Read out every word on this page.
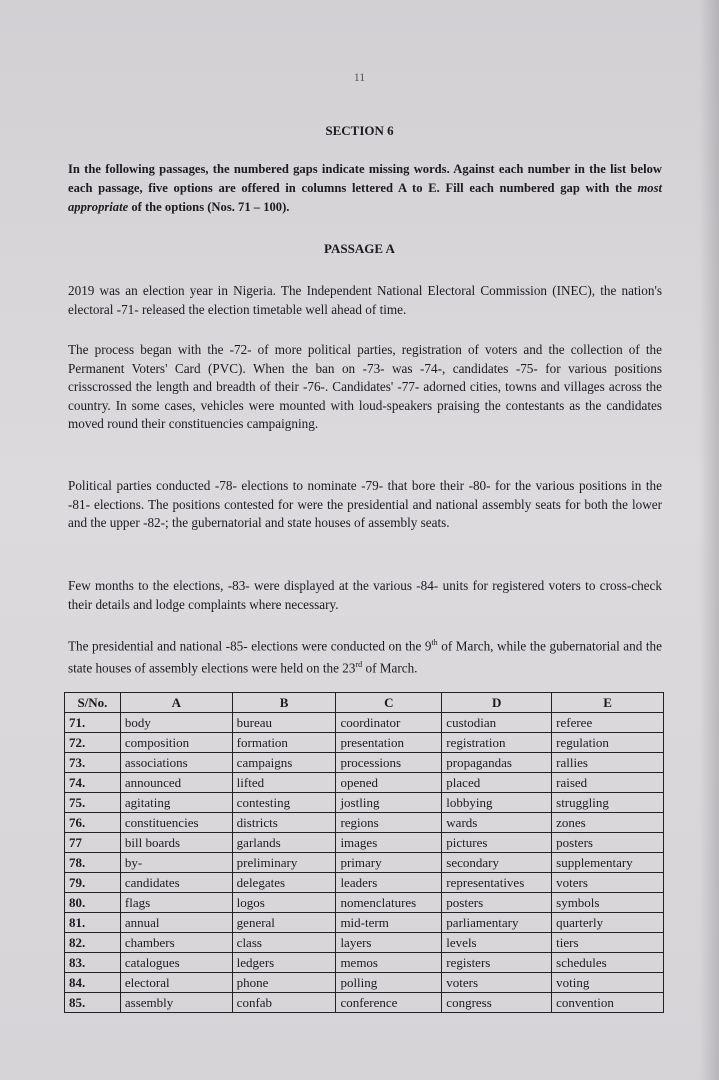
11
SECTION 6
In the following passages, the numbered gaps indicate missing words. Against each number in the list below each passage, five options are offered in columns lettered A to E. Fill each numbered gap with the most appropriate of the options (Nos. 71 – 100).
PASSAGE A
2019 was an election year in Nigeria. The Independent National Electoral Commission (INEC), the nation's electoral -71- released the election timetable well ahead of time.
The process began with the -72- of more political parties, registration of voters and the collection of the Permanent Voters' Card (PVC). When the ban on -73- was -74-, candidates -75- for various positions crisscrossed the length and breadth of their -76-. Candidates' -77- adorned cities, towns and villages across the country. In some cases, vehicles were mounted with loud-speakers praising the contestants as the candidates moved round their constituencies campaigning.
Political parties conducted -78- elections to nominate -79- that bore their -80- for the various positions in the -81- elections. The positions contested for were the presidential and national assembly seats for both the lower and the upper -82-; the gubernatorial and state houses of assembly seats.
Few months to the elections, -83- were displayed at the various -84- units for registered voters to cross-check their details and lodge complaints where necessary.
The presidential and national -85- elections were conducted on the 9th of March, while the gubernatorial and the state houses of assembly elections were held on the 23rd of March.
S/No.	A	B	C	D	E
71.	body	bureau	coordinator	custodian	referee
72.	composition	formation	presentation	registration	regulation
73.	associations	campaigns	processions	propagandas	rallies
74.	announced	lifted	opened	placed	raised
75.	agitating	contesting	jostling	lobbying	struggling
76.	constituencies	districts	regions	wards	zones
77	bill boards	garlands	images	pictures	posters
78.	by-	preliminary	primary	secondary	supplementary
79.	candidates	delegates	leaders	representatives	voters
80.	flags	logos	nomenclatures	posters	symbols
81.	annual	general	mid-term	parliamentary	quarterly
82.	chambers	class	layers	levels	tiers
83.	catalogues	ledgers	memos	registers	schedules
84.	electoral	phone	polling	voters	voting
85.	assembly	confab	conference	congress	convention
